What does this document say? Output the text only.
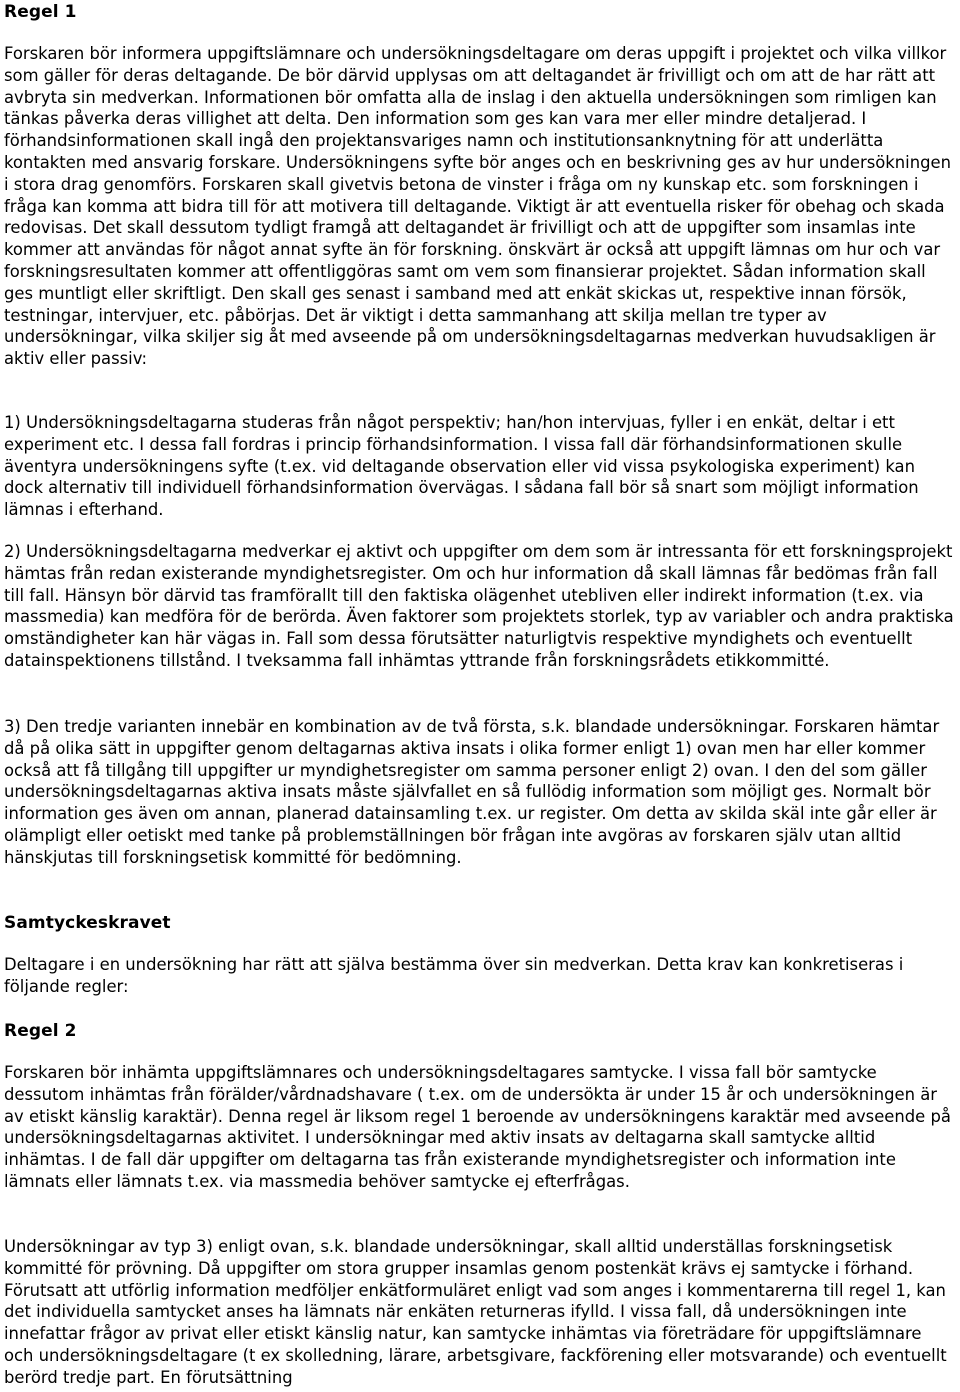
Regel 1

Forskaren bör informera uppgiftslämnare och undersökningsdeltagare om deras uppgift i projektet och vilka villkor som gäller för deras deltagande. De bör därvid upplysas om att deltagandet är frivilligt och om att de har rätt att avbryta sin medverkan. Informationen bör omfatta alla de inslag i den aktuella undersökningen som rimligen kan tänkas påverka deras villighet att delta. Den information som ges kan vara mer eller mindre detaljerad. I förhandsinformationen skall ingå den projektansvariges namn och institutionsanknytning för att underlätta kontakten med ansvarig forskare. Undersökningens syfte bör anges och en beskrivning ges av hur undersökningen i stora drag genomförs. Forskaren skall givetvis betona de vinster i fråga om ny kunskap etc. som forskningen i fråga kan komma att bidra till för att motivera till deltagande. Viktigt är att eventuella risker för obehag och skada redovisas. Det skall dessutom tydligt framgå att deltagandet är frivilligt och att de uppgifter som insamlas inte kommer att användas för något annat syfte än för forskning. önskvärt är också att uppgift lämnas om hur och var forskningsresultaten kommer att offentliggöras samt om vem som finansierar projektet. Sådan information skall ges muntligt eller skriftligt. Den skall ges senast i samband med att enkät skickas ut, respektive innan försök, testningar, intervjuer, etc. påbörjas. Det är viktigt i detta sammanhang att skilja mellan tre typer av undersökningar, vilka skiljer sig åt med avseende på om undersökningsdeltagarnas medverkan huvudsakligen är aktiv eller passiv:

1) Undersökningsdeltagarna studeras från något perspektiv; han/hon intervjuas, fyller i en enkät, deltar i ett experiment etc. I dessa fall fordras i princip förhandsinformation. I vissa fall där förhandsinformationen skulle äventyra undersökningens syfte (t.ex. vid deltagande observation eller vid vissa psykologiska experiment) kan dock alternativ till individuell förhandsinformation övervägas. I sådana fall bör så snart som möjligt information lämnas i efterhand.

2) Undersökningsdeltagarna medverkar ej aktivt och uppgifter om dem som är intressanta för ett forskningsprojekt hämtas från redan existerande myndighetsregister. Om och hur information då skall lämnas får bedömas från fall till fall. Hänsyn bör därvid tas framförallt till den faktiska olägenhet utebliven eller indirekt information (t.ex. via massmedia) kan medföra för de berörda. Även faktorer som projektets storlek, typ av variabler och andra praktiska omständigheter kan här vägas in. Fall som dessa förutsätter naturligtvis respektive myndighets och eventuellt datainspektionens tillstånd. I tveksamma fall inhämtas yttrande från forskningsrådets etikkommitté.

3) Den tredje varianten innebär en kombination av de två första, s.k. blandade undersökningar. Forskaren hämtar då på olika sätt in uppgifter genom deltagarnas aktiva insats i olika former enligt 1) ovan men har eller kommer också att få tillgång till uppgifter ur myndighetsregister om samma personer enligt 2) ovan. I den del som gäller undersökningsdeltagarnas aktiva insats måste självfallet en så fullödig information som möjligt ges. Normalt bör information ges även om annan, planerad datainsamling t.ex. ur register. Om detta av skilda skäl inte går eller är olämpligt eller oetiskt med tanke på problemställningen bör frågan inte avgöras av forskaren själv utan alltid hänskjutas till forskningsetisk kommitté för bedömning.

Samtyckeskravet

Deltagare i en undersökning har rätt att själva bestämma över sin medverkan. Detta krav kan konkretiseras i följande regler:

Regel 2

Forskaren bör inhämta uppgiftslämnares och undersökningsdeltagares samtycke. I vissa fall bör samtycke dessutom inhämtas från förälder/vårdnadshavare ( t.ex. om de undersökta är under 15 år och undersökningen är av etiskt känslig karaktär). Denna regel är liksom regel 1 beroende av undersökningens karaktär med avseende på undersökningsdeltagarnas aktivitet. I undersökningar med aktiv insats av deltagarna skall samtycke alltid inhämtas. I de fall där uppgifter om deltagarna tas från existerande myndighetsregister och information inte lämnats eller lämnats t.ex. via massmedia behöver samtycke ej efterfrågas.

Undersökningar av typ 3) enligt ovan, s.k. blandade undersökningar, skall alltid underställas forskningsetisk kommitté för prövning. Då uppgifter om stora grupper insamlas genom postenkät krävs ej samtycke i förhand. Förutsatt att utförlig information medföljer enkätformuläret enligt vad som anges i kommentarerna till regel 1, kan det individuella samtycket anses ha lämnats när enkäten returneras ifylld. I vissa fall, då undersökningen inte innefattar frågor av privat eller etiskt känslig natur, kan samtycke inhämtas via företrädare för uppgiftslämnare och undersökningsdeltagare (t ex skolledning, lärare, arbetsgivare, fackförening eller motsvarande) och eventuellt berörd tredje part. En förutsättning
